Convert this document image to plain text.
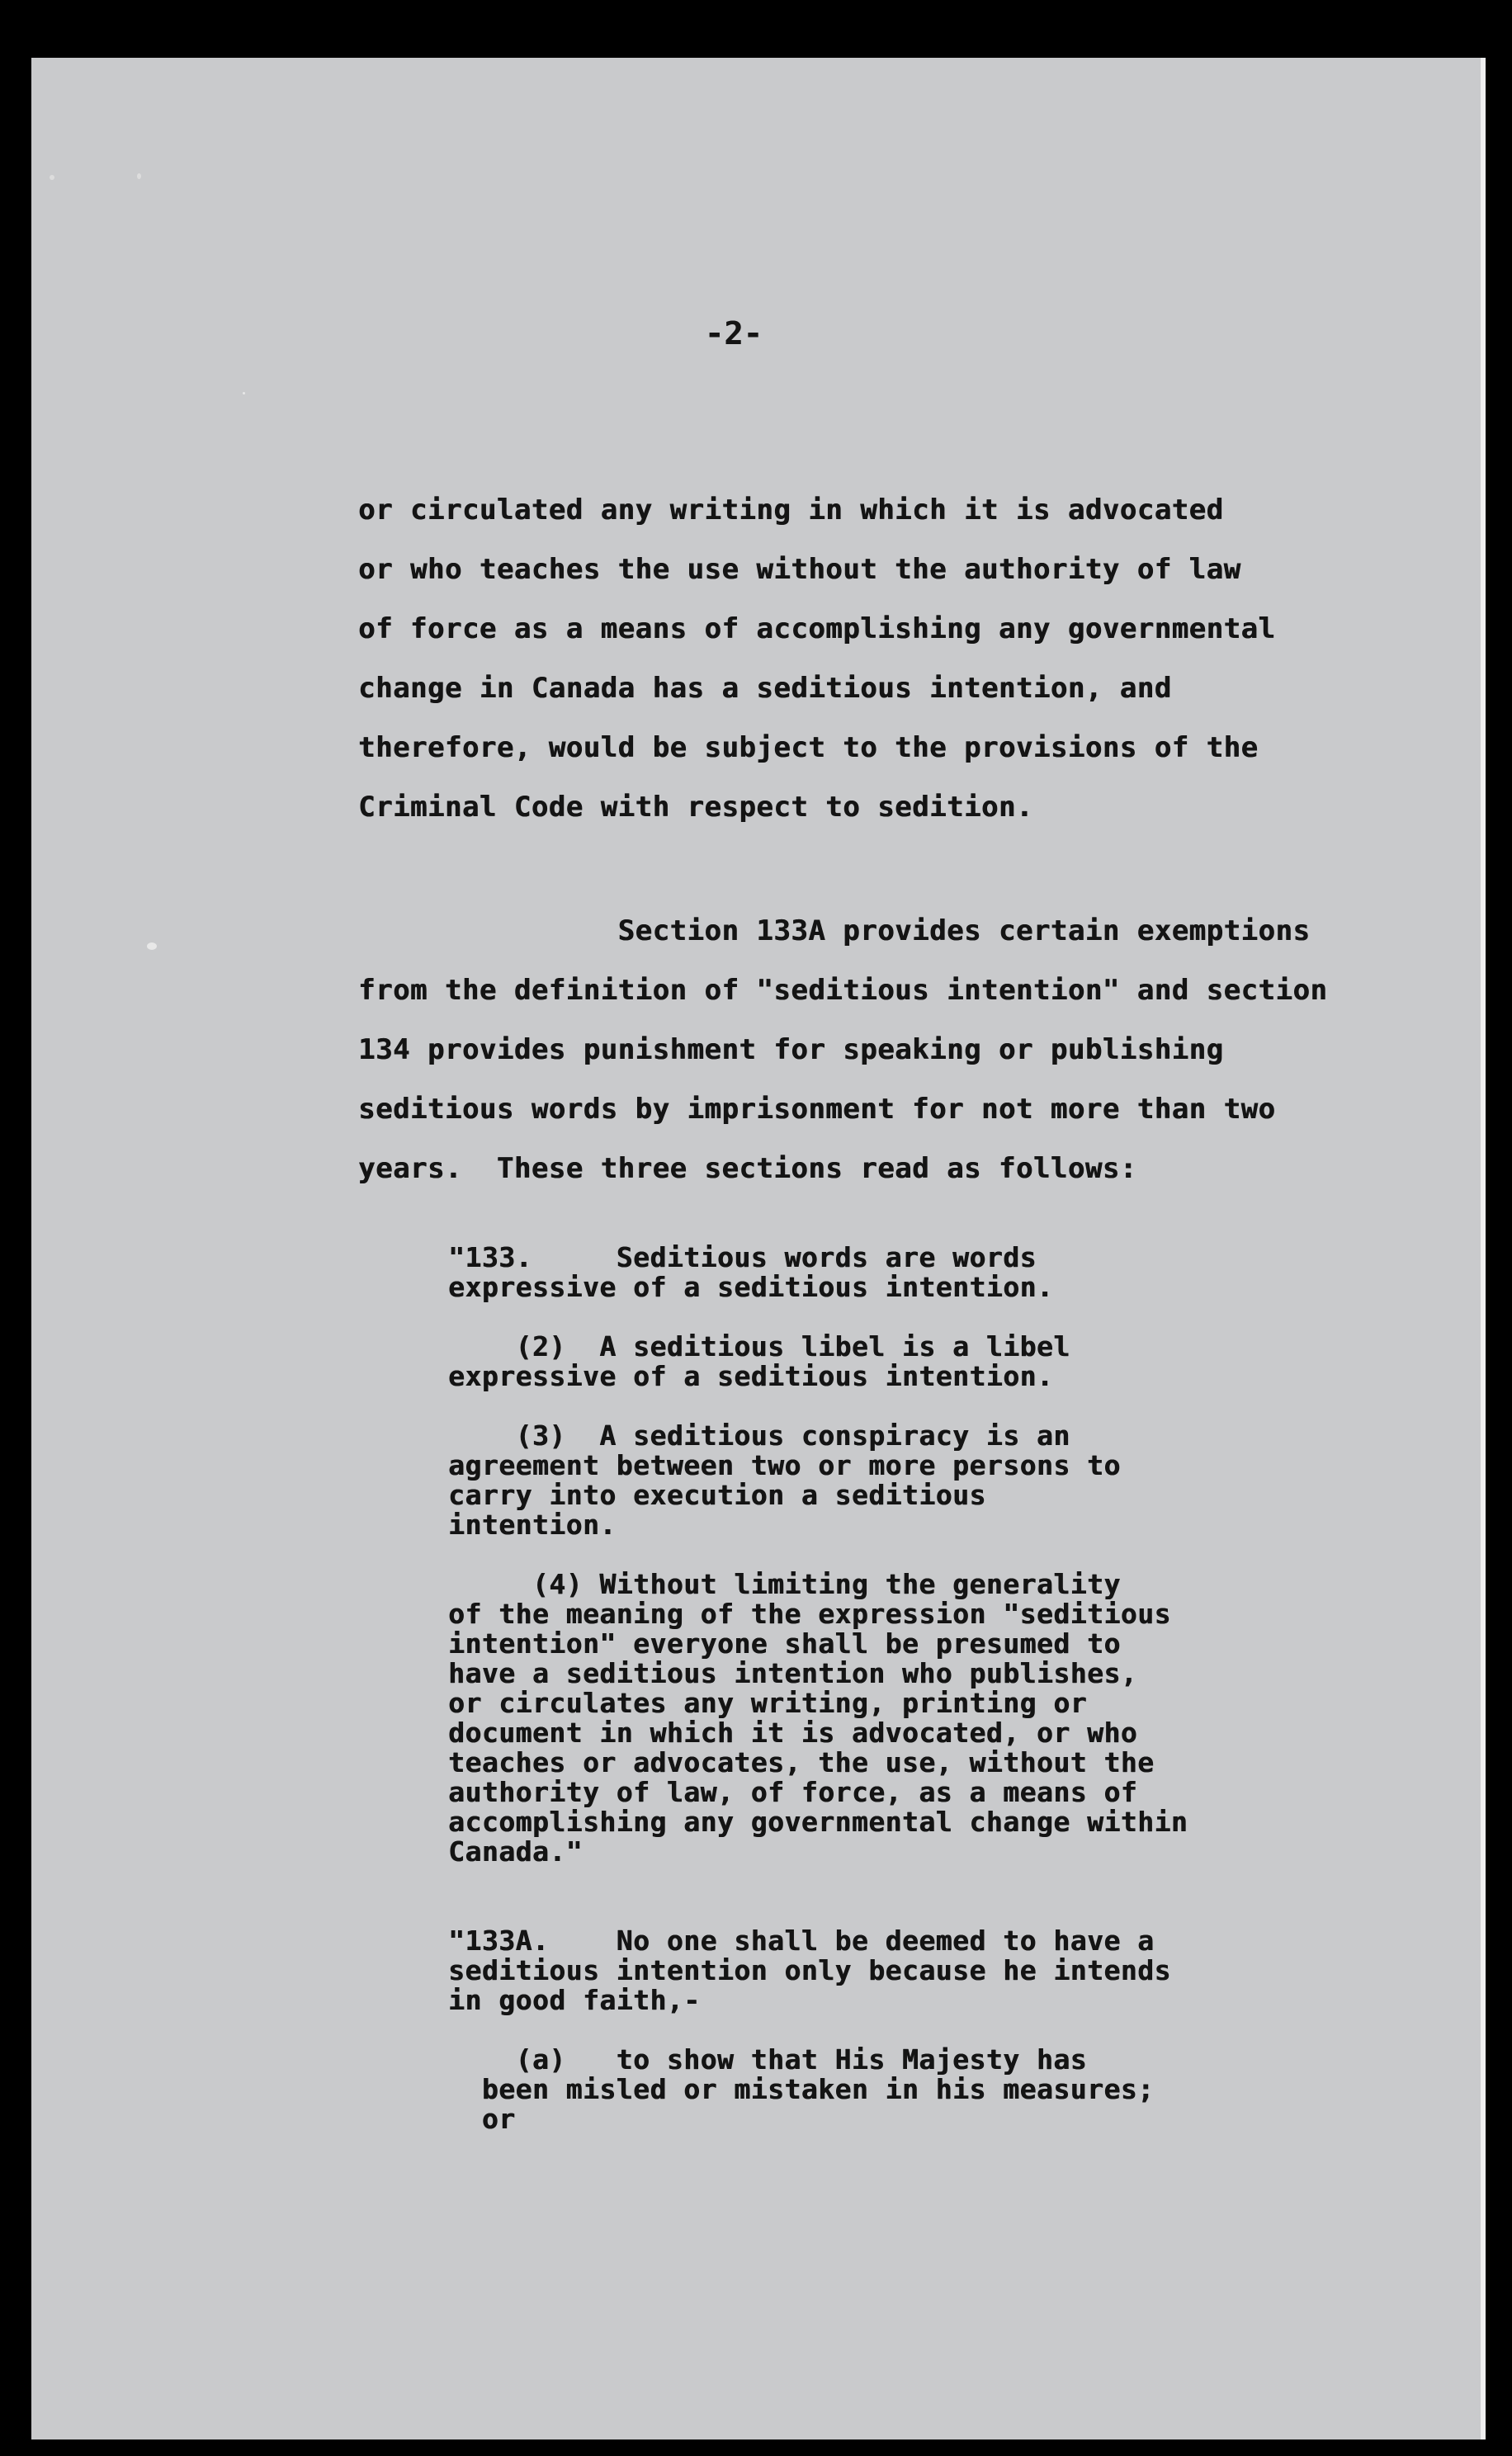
-2-

or circulated any writing in which it is advocated
or who teaches the use without the authority of law
of force as a means of accomplishing any governmental
change in Canada has a seditious intention, and
therefore, would be subject to the provisions of the
Criminal Code with respect to sedition.

Section 133A provides certain exemptions
from the definition of "seditious intention" and section
134 provides punishment for speaking or publishing
seditious words by imprisonment for not more than two
years.  These three sections read as follows:

"133.     Seditious words are words
expressive of a seditious intention.

(2)  A seditious libel is a libel
expressive of a seditious intention.

(3)  A seditious conspiracy is an
agreement between two or more persons to
carry into execution a seditious
intention.

(4) Without limiting the generality
of the meaning of the expression "seditious
intention" everyone shall be presumed to
have a seditious intention who publishes,
or circulates any writing, printing or
document in which it is advocated, or who
teaches or advocates, the use, without the
authority of law, of force, as a means of
accomplishing any governmental change within
Canada."

"133A.    No one shall be deemed to have a
seditious intention only because he intends
in good faith,-

(a)   to show that His Majesty has
been misled or mistaken in his measures;
or
